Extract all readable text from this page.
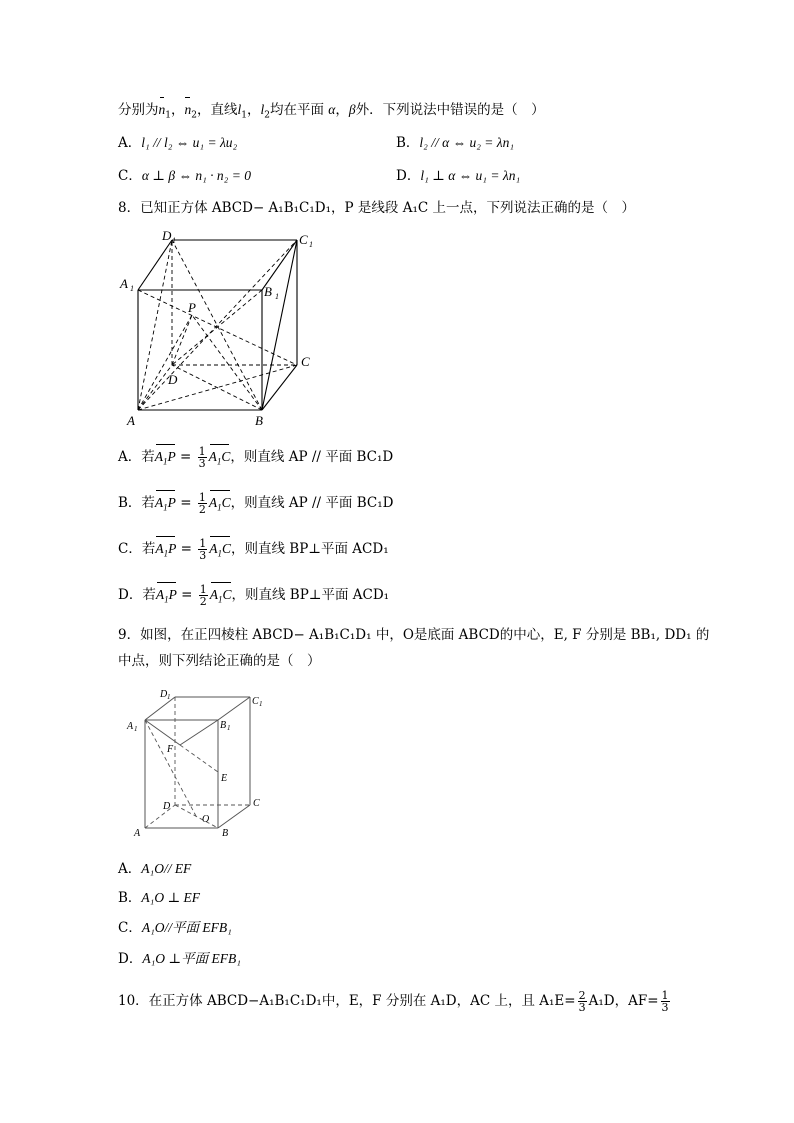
分别为$n_1$，$n_2$，直线$l_1$，$l_2$均在平面 α，β外．下列说法中错误的是（　）
A．l₁ // l₂ ⇔ u₁ = λu₂	B．l₂ // α ⇔ u₂ = λn₁
C．α ⊥ β ⇔ n₁ · n₂ = 0	D．l₁ ⊥ α ⇔ u₁ = λn₁
8．已知正方体 ABCD− A₁B₁C₁D₁，P 是线段 A₁C 上一点，下列说法正确的是（　）
A	B
C
D
A
B
C
D
P
1
1
1
1
A．若$A_1P = \frac{1}{3} A_1C$，则直线 AP // 平面 BC₁D
B．若$A_1P = \frac{1}{2} A_1C$，则直线 AP // 平面 BC₁D
C．若$A_1P = \frac{1}{3} A_1C$，则直线 BP⊥平面 ACD₁
D．若$A_1P = \frac{1}{2} A_1C$，则直线 BP⊥平面 ACD₁
9．如图，在正四棱柱 ABCD− A₁B₁C₁D₁ 中，O是底面 ABCD的中心，E, F 分别是 BB₁, DD₁ 的
中点，则下列结论正确的是（　）
A	B
C
D
A	B
C
D
F
E
O
1	1
1
1
A．A₁O// EF
B．A₁O ⊥ EF
C．A₁O//平面 EFB₁
D．A₁O ⊥平面 EFB₁
10．在正方体 ABCD−A₁B₁C₁D₁中，E，F 分别在 A₁D，AC 上，且 $A_1E= \frac{2}{3} A_1D$，$AF= \frac{1}{3}$
